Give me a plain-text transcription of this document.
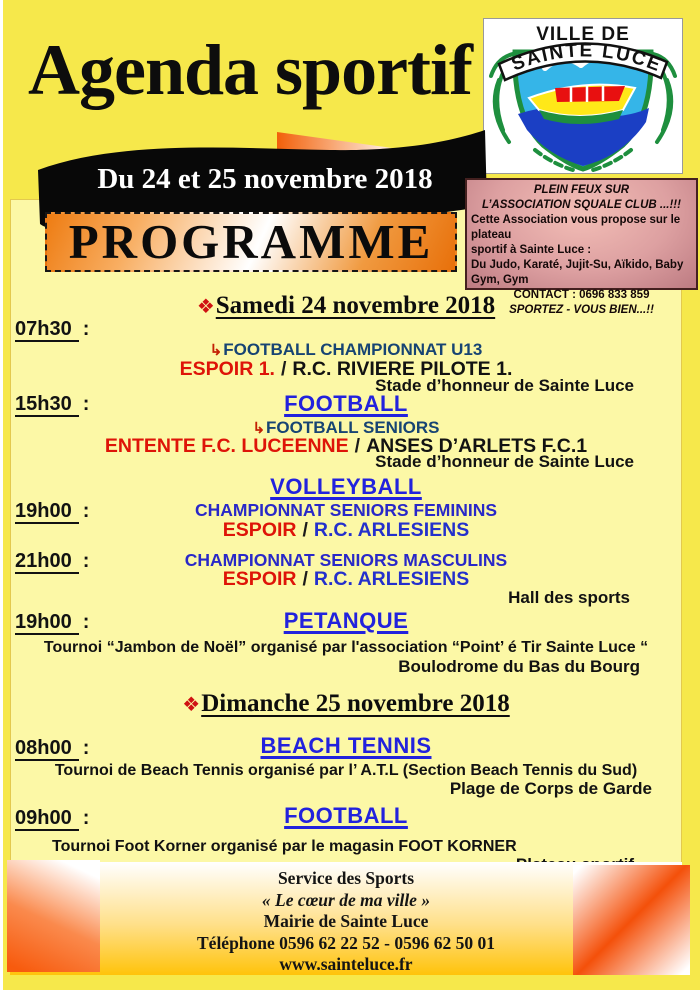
Agenda sportif	SAINTE LUCE
VILLE DE
Du 24 et 25 novembre 2018
PROGRAMME
PLEIN FEUX SUR
L’ASSOCIATION SQUALE CLUB ...!!!
Cette Association vous propose sur le plateau
sportif à Sainte Luce :
Du Judo, Karaté, Jujit-Su, Aïkido, Baby Gym, Gym
CONTACT : 0696 833 859
SPORTEZ - VOUS BIEN...!!
❖Samedi 24 novembre 2018
07h30 :
↳FOOTBALL CHAMPIONNAT U13
ESPOIR 1. / R.C. RIVIERE PILOTE 1.
Stade d’honneur de Sainte Luce
15h30 :	FOOTBALL
↳FOOTBALL SENIORS
ENTENTE F.C. LUCEENNE / ANSES D’ARLETS F.C.1
Stade d’honneur de Sainte Luce
VOLLEYBALL
19h00 :	CHAMPIONNAT SENIORS FEMININS
ESPOIR / R.C. ARLESIENS
21h00 :	CHAMPIONNAT SENIORS MASCULINS
ESPOIR / R.C. ARLESIENS
Hall des sports
19h00 :	PETANQUE
Tournoi “Jambon de Noël” organisé par l'association “Point’ é Tir Sainte Luce “
Boulodrome du Bas du Bourg
❖Dimanche 25 novembre 2018
08h00 :	BEACH TENNIS
Tournoi de Beach Tennis organisé par l’ A.T.L (Section Beach Tennis du Sud)
Plage de Corps de Garde
09h00 :	FOOTBALL
Tournoi Foot Korner organisé par le magasin FOOT KORNER
Service des Sports
« Le cœur de ma ville »
Mairie de Sainte Luce
Téléphone 0596 62 22 52 - 0596 62 50 01
www.sainteluce.fr
